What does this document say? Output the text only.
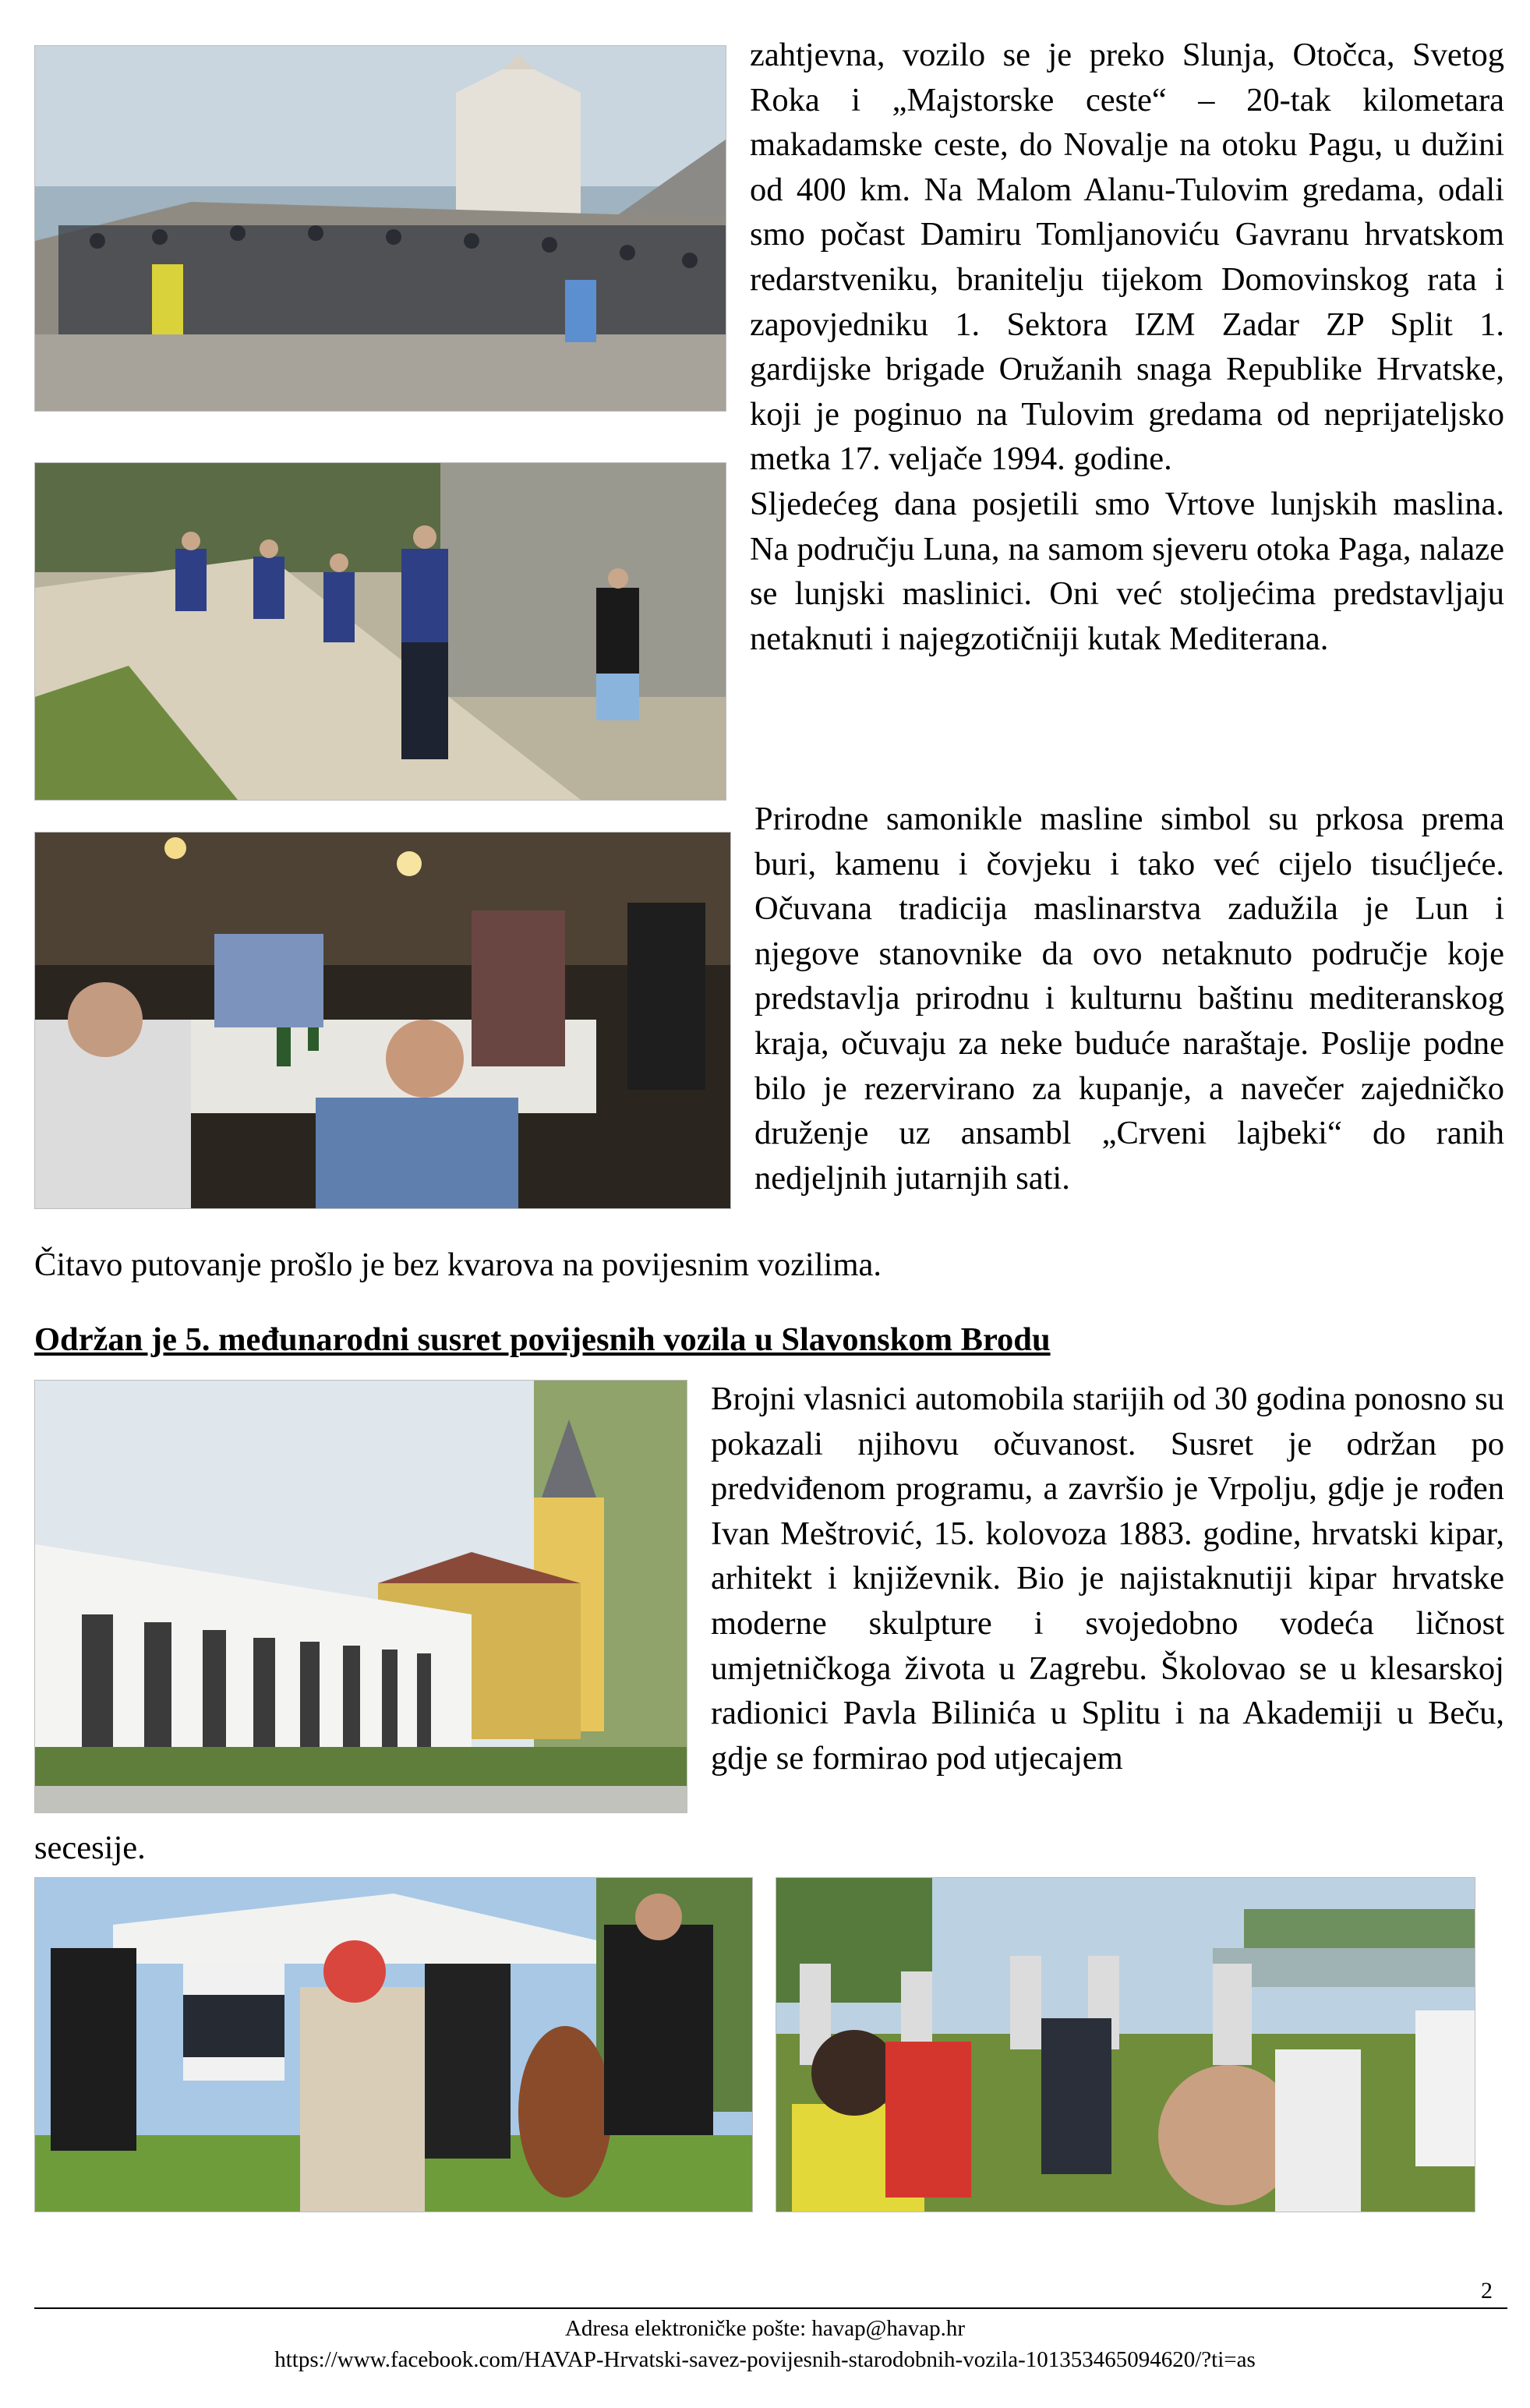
zahtjevna, vozilo se je preko Slunja, Otočca, Svetog Roka i „Majstorske ceste“ – 20-tak kilometara makadamske ceste, do Novalje na otoku Pagu, u dužini od 400 km. Na Malom Alanu-Tulovim gredama, odali smo počast Damiru Tomljanoviću Gavranu hrvatskom redarstveniku, branitelju tijekom Domovinskog rata i zapovjedniku 1. Sektora IZM Zadar ZP Split 1. gardijske brigade Oružanih snaga Republike Hrvatske, koji je poginuo na Tulovim gredama od neprijateljsko metka 17. veljače 1994. godine.

Sljedećeg dana posjetili smo Vrtove lunjskih maslina. Na području Luna, na samom sjeveru otoka Paga, nalaze se lunjski maslinici. Oni već stoljećima predstavljaju netaknuti i najegzotičniji kutak Mediterana.

Prirodne samonikle masline simbol su prkosa prema buri, kamenu i čovjeku i tako već cijelo tisućljeće. Očuvana tradicija maslinarstva zadužila je Lun i njegove stanovnike da ovo netaknuto područje koje predstavlja prirodnu i kulturnu baštinu mediteranskog kraja, očuvaju za neke buduće naraštaje. Poslije podne bilo je rezervirano za kupanje, a navečer zajedničko druženje uz ansambl „Crveni lajbeki“ do ranih nedjeljnih jutarnjih sati.

Čitavo putovanje prošlo je bez kvarova na povijesnim vozilima.
Održan je 5. međunarodni susret povijesnih vozila u Slavonskom Brodu
Brojni vlasnici automobila starijih od 30 godina ponosno su pokazali njihovu očuvanost. Susret je održan po predviđenom programu, a završio je Vrpolju, gdje je rođen Ivan Meštrović, 15. kolovoza 1883. godine, hrvatski kipar, arhitekt i književnik. Bio je najistaknutiji kipar hrvatske moderne skulpture i svojedobno vodeća ličnost umjetničkoga života u Zagrebu. Školovao se u klesarskoj radionici Pavla Bilinića u Splitu i na Akademiji u Beču, gdje se formirao pod utjecajem
secesije.
2
Adresa elektroničke pošte: havap@havap.hr
https://www.facebook.com/HAVAP-Hrvatski-savez-povijesnih-starodobnih-vozila-101353465094620/?ti=as
